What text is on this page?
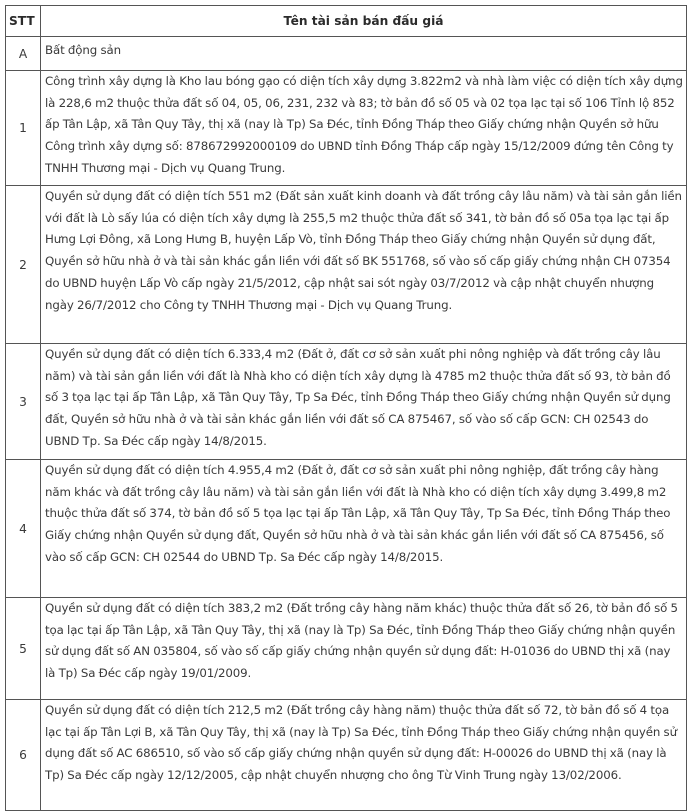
STT	Tên tài sản bán đấu giá
A	Bất động sản
1	Công trình xây dựng là Kho lau bóng gạo có diện tích xây dựng 3.822m2 và nhà làm việc có diện tích xây dựng là 228,6 m2 thuộc thửa đất số 04, 05, 06, 231, 232 và 83; tờ bản đồ số 05 và 02 tọa lạc tại số 106 Tỉnh lộ 852 ấp Tân Lập, xã Tân Quy Tây, thị xã (nay là Tp) Sa Đéc, tỉnh Đồng Tháp theo Giấy chứng nhận Quyền sở hữu Công trình xây dựng số: 878672992000109 do UBND tỉnh Đồng Tháp cấp ngày 15/12/2009 đứng tên Công ty TNHH Thương mại - Dịch vụ Quang Trung.
2	Quyền sử dụng đất có diện tích 551 m2 (Đất sản xuất kinh doanh và đất trồng cây lâu năm) và tài sản gắn liền với đất là Lò sấy lúa có diện tích xây dựng là 255,5 m2 thuộc thửa đất số 341, tờ bản đồ số 05a tọa lạc tại ấp Hưng Lợi Đông, xã Long Hưng B, huyện Lấp Vò, tỉnh Đồng Tháp theo Giấy chứng nhận Quyền sử dụng đất, Quyền sở hữu nhà ở và tài sản khác gắn liền với đất số BK 551768, số vào số cấp giấy chứng nhận CH 07354 do UBND huyện Lấp Vò cấp ngày 21/5/2012, cập nhật sai sót ngày 03/7/2012 và cập nhật chuyển nhượng ngày 26/7/2012 cho Công ty TNHH Thương mại - Dịch vụ Quang Trung.
3	Quyền sử dụng đất có diện tích 6.333,4 m2 (Đất ở, đất cơ sở sản xuất phi nông nghiệp và đất trồng cây lâu năm) và tài sản gắn liền với đất là Nhà kho có diện tích xây dựng là 4785 m2 thuộc thửa đất số 93, tờ bản đồ số 3 tọa lạc tại ấp Tân Lập, xã Tân Quy Tây, Tp Sa Đéc, tỉnh Đồng Tháp theo Giấy chứng nhận Quyền sử dụng đất, Quyền sở hữu nhà ở và tài sản khác gắn liền với đất số CA 875467, số vào số cấp GCN: CH 02543 do UBND Tp. Sa Đéc cấp ngày 14/8/2015.
4	Quyền sử dụng đất có diện tích 4.955,4 m2 (Đất ở, đất cơ sở sản xuất phi nông nghiệp, đất trồng cây hàng năm khác và đất trồng cây lâu năm) và tài sản gắn liền với đất là Nhà kho có diện tích xây dựng 3.499,8 m2 thuộc thửa đất số 374, tờ bản đồ số 5 tọa lạc tại ấp Tân Lập, xã Tân Quy Tây, Tp Sa Đéc, tỉnh Đồng Tháp theo Giấy chứng nhận Quyền sử dụng đất, Quyền sở hữu nhà ở và tài sản khác gắn liền với đất số CA 875456, số vào số cấp GCN: CH 02544 do UBND Tp. Sa Đéc cấp ngày 14/8/2015.
5	Quyền sử dụng đất có diện tích 383,2 m2 (Đất trồng cây hàng năm khác) thuộc thửa đất số 26, tờ bản đồ số 5 tọa lạc tại ấp Tân Lập, xã Tân Quy Tây, thị xã (nay là Tp) Sa Đéc, tỉnh Đồng Tháp theo Giấy chứng nhận quyền sử dụng đất số AN 035804, số vào số cấp giấy chứng nhận quyền sử dụng đất: H-01036 do UBND thị xã (nay là Tp) Sa Đéc cấp ngày 19/01/2009.
6	Quyền sử dụng đất có diện tích 212,5 m2 (Đất trồng cây hàng năm) thuộc thửa đất số 72, tờ bản đồ số 4 tọa lạc tại ấp Tân Lợi B, xã Tân Quy Tây, thị xã (nay là Tp) Sa Đéc, tỉnh Đồng Tháp theo Giấy chứng nhận quyền sử dụng đất số AC 686510, số vào số cấp giấy chứng nhận quyền sử dụng đất: H-00026 do UBND thị xã (nay là Tp) Sa Đéc cấp ngày 12/12/2005, cập nhật chuyển nhượng cho ông Từ Vinh Trung ngày 13/02/2006.
